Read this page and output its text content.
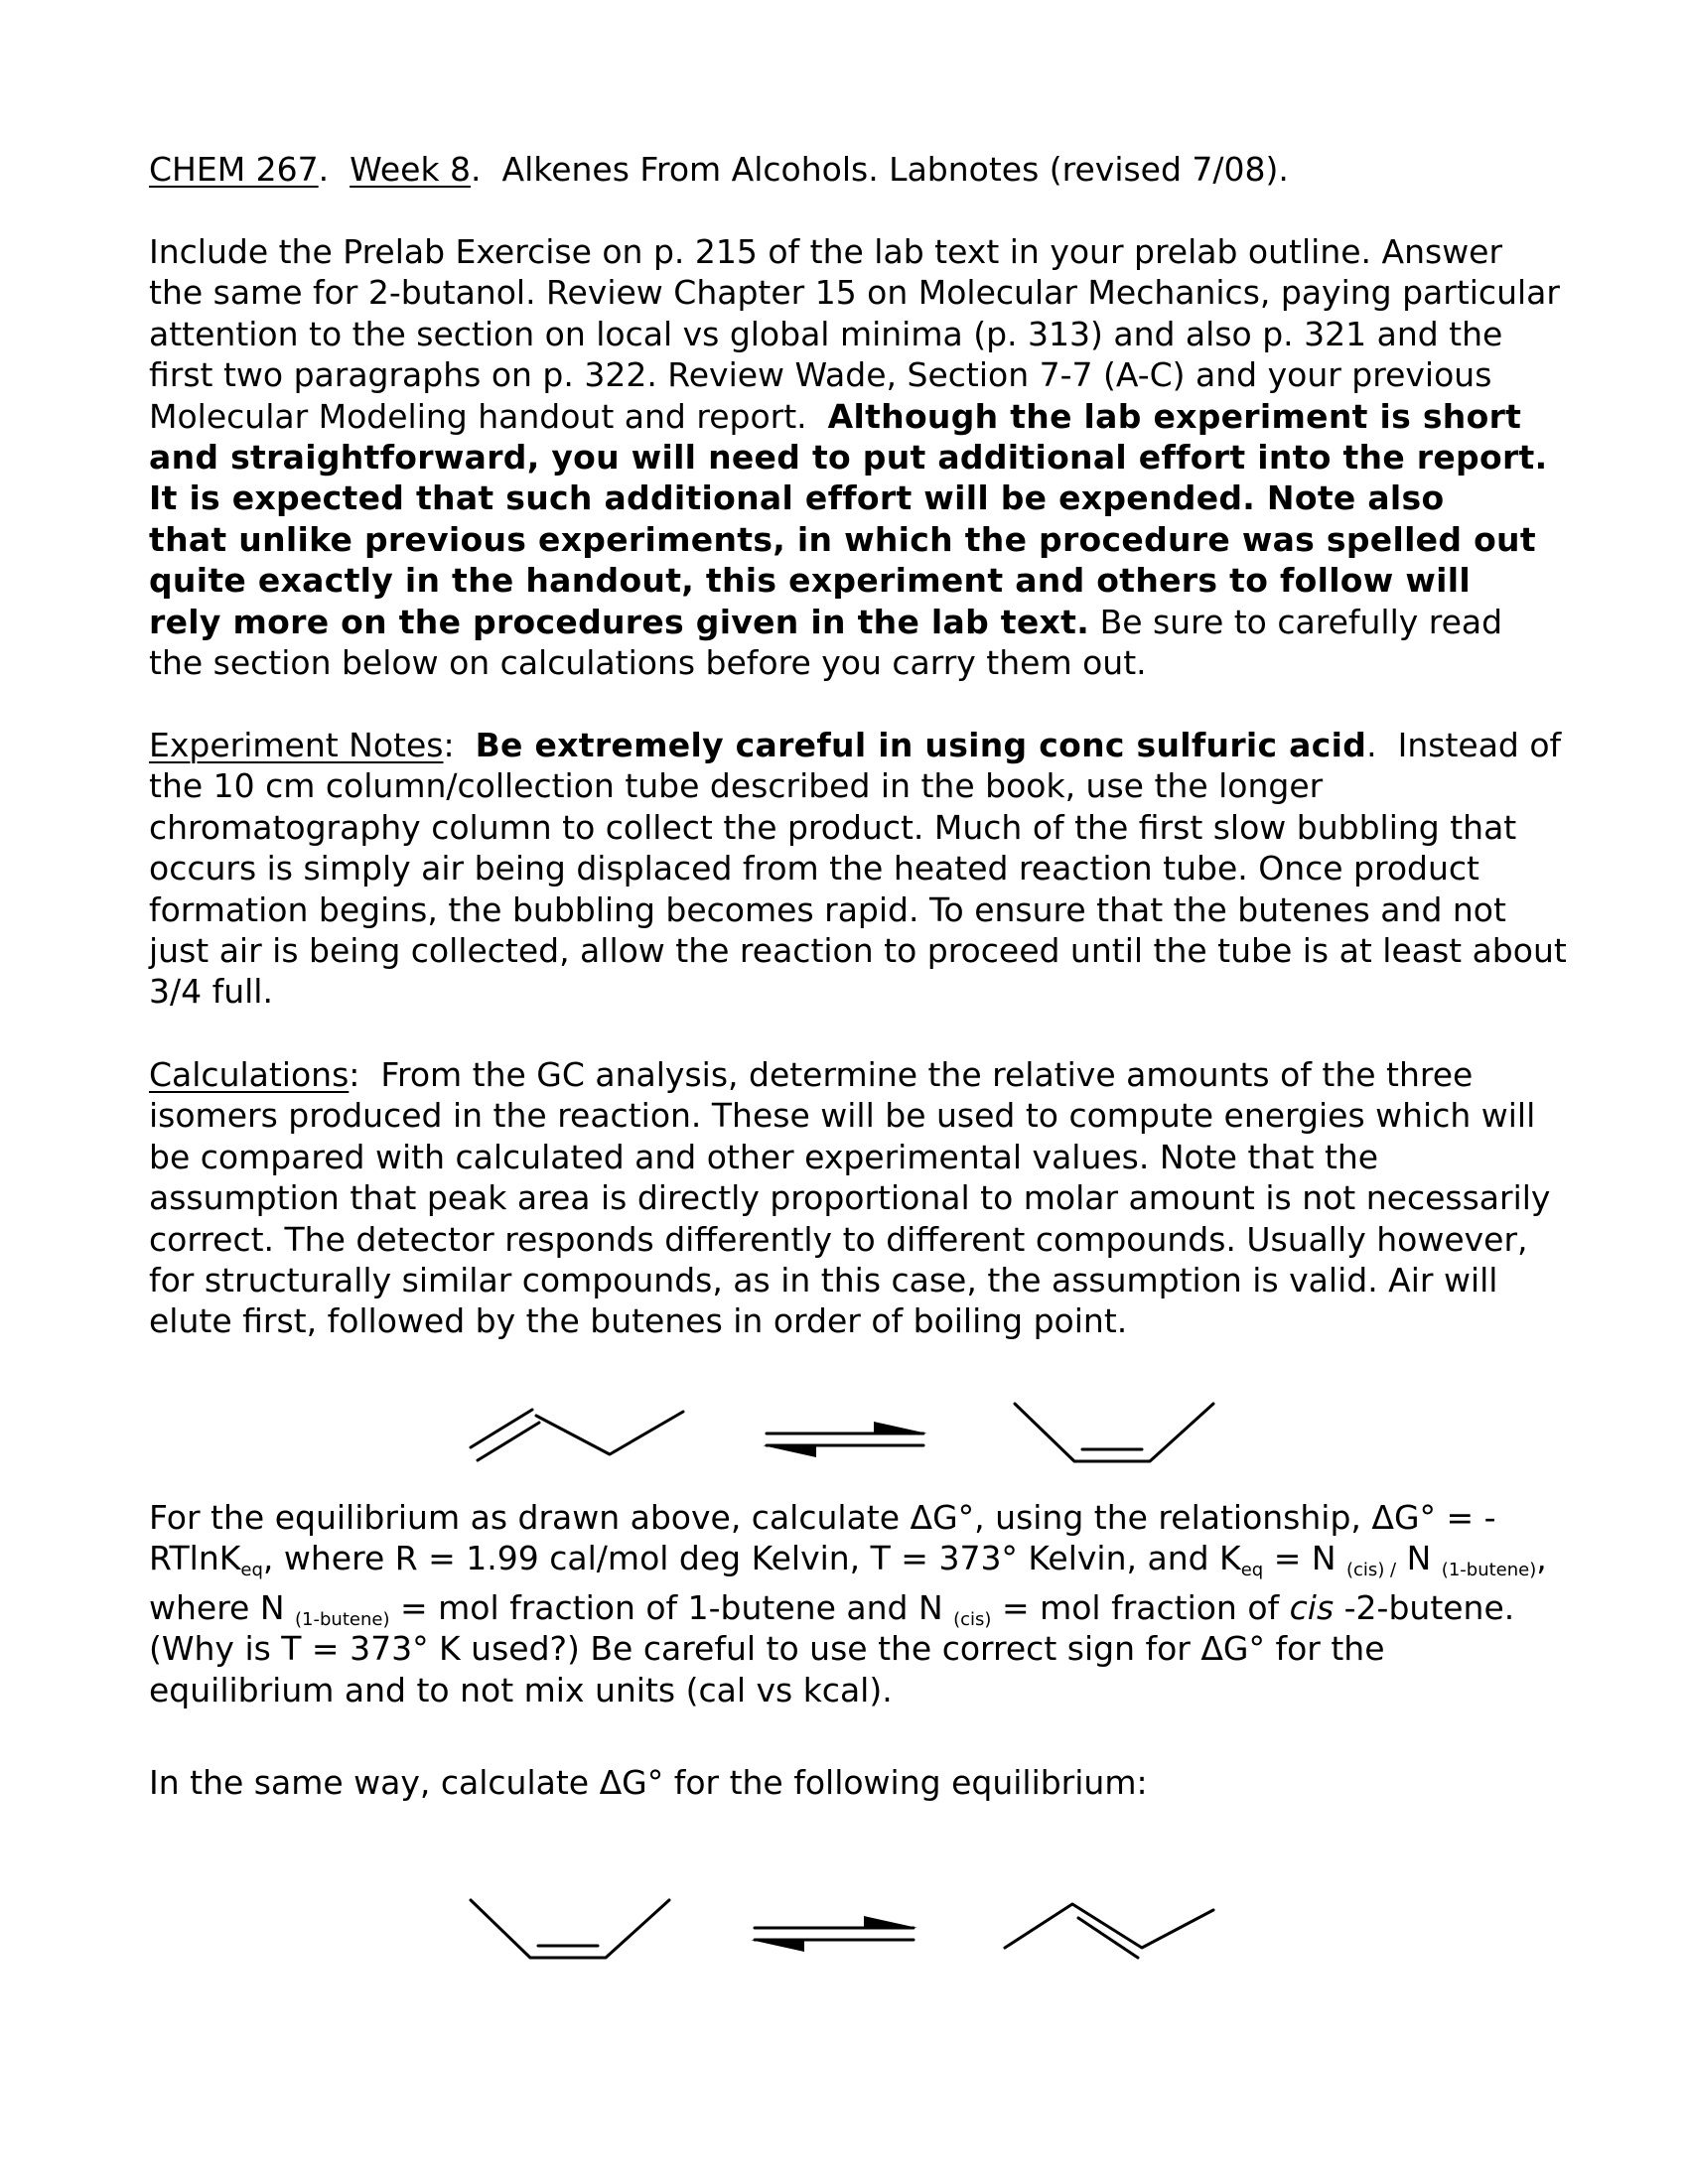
CHEM 267.  Week 8.  Alkenes From Alcohols. Labnotes (revised 7/08).
Include the Prelab Exercise on p. 215 of the lab text in your prelab outline. Answer
the same for 2-butanol. Review Chapter 15 on Molecular Mechanics, paying particular
attention to the section on local vs global minima (p. 313) and also p. 321 and the
first two paragraphs on p. 322. Review Wade, Section 7-7 (A-C) and your previous
Molecular Modeling handout and report. Although the lab experiment is short
and straightforward, you will need to put additional effort into the report.
It is expected that such additional effort will be expended. Note also
that unlike previous experiments, in which the procedure was spelled out
quite exactly in the handout, this experiment and others to follow will
rely more on the procedures given in the lab text. Be sure to carefully read
the section below on calculations before you carry them out.
Experiment Notes:  Be extremely careful in using conc sulfuric acid.  Instead of
the 10 cm column/collection tube described in the book, use the longer
chromatography column to collect the product. Much of the first slow bubbling that
occurs is simply air being displaced from the heated reaction tube. Once product
formation begins, the bubbling becomes rapid. To ensure that the butenes and not
just air is being collected, allow the reaction to proceed until the tube is at least about
3/4 full.
Calculations:  From the GC analysis, determine the relative amounts of the three
isomers produced in the reaction. These will be used to compute energies which will
be compared with calculated and other experimental values. Note that the
assumption that peak area is directly proportional to molar amount is not necessarily
correct. The detector responds differently to different compounds. Usually however,
for structurally similar compounds, as in this case, the assumption is valid. Air will
elute first, followed by the butenes in order of boiling point.
For the equilibrium as drawn above, calculate ΔG°, using the relationship, ΔG° = -
RTlnK$_{eq}$, where R = 1.99 cal/mol deg Kelvin, T = 373° Kelvin, and $K_{eq} = N$ $_{(cis) /}$ N $_{(1-butene)}$,
where N $_{(1-butene)}$ = mol fraction of 1-butene and N $_{(cis)}$ = mol fraction of cis -2-butene.
(Why is T = 373° K used?) Be careful to use the correct sign for ΔG° for the
equilibrium and to not mix units (cal vs kcal).
In the same way, calculate ΔG° for the following equilibrium:
